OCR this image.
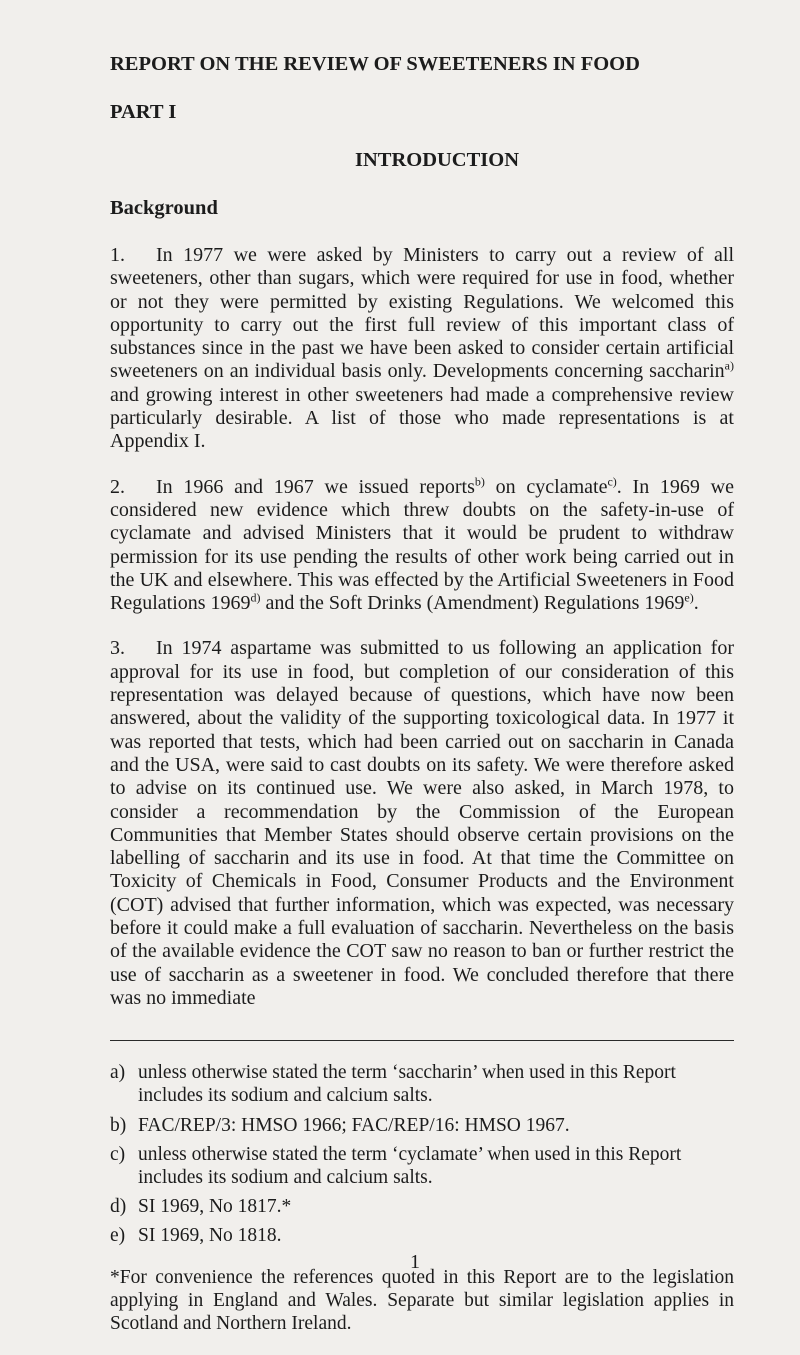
REPORT ON THE REVIEW OF SWEETENERS IN FOOD
PART I
INTRODUCTION
Background

1. In 1977 we were asked by Ministers to carry out a review of all sweeteners, other than sugars, which were required for use in food, whether or not they were permitted by existing Regulations. We welcomed this opportunity to carry out the first full review of this important class of substances since in the past we have been asked to consider certain artificial sweeteners on an individual basis only. Developments concerning saccharin$^{a)}$ and growing interest in other sweeteners had made a comprehensive review particularly desirable. A list of those who made representations is at Appendix I.

2. In 1966 and 1967 we issued reports$^{b)}$ on cyclamate$^{c)}$. In 1969 we considered new evidence which threw doubts on the safety-in-use of cyclamate and advised Ministers that it would be prudent to withdraw permission for its use pending the results of other work being carried out in the UK and elsewhere. This was effected by the Artificial Sweeteners in Food Regulations 1969$^{d)}$ and the Soft Drinks (Amendment) Regulations 1969$^{e)}$.

3. In 1974 aspartame was submitted to us following an application for approval for its use in food, but completion of our consideration of this representation was delayed because of questions, which have now been answered, about the validity of the supporting toxicological data. In 1977 it was reported that tests, which had been carried out on saccharin in Canada and the USA, were said to cast doubts on its safety. We were therefore asked to advise on its continued use. We were also asked, in March 1978, to consider a recommendation by the Commission of the European Communities that Member States should observe certain provisions on the labelling of saccharin and its use in food. At that time the Committee on Toxicity of Chemicals in Food, Consumer Products and the Environment (COT) advised that further information, which was expected, was necessary before it could make a full evaluation of saccharin. Nevertheless on the basis of the available evidence the COT saw no reason to ban or further restrict the use of saccharin as a sweetener in food. We concluded therefore that there was no immediate

a) unless otherwise stated the term ‘saccharin’ when used in this Report includes its sodium and calcium salts.
b) FAC/REP/3: HMSO 1966; FAC/REP/16: HMSO 1967.
c) unless otherwise stated the term ‘cyclamate’ when used in this Report includes its sodium and calcium salts.
d) SI 1969, No 1817.*
e) SI 1969, No 1818.

*For convenience the references quoted in this Report are to the legislation applying in England and Wales. Separate but similar legislation applies in Scotland and Northern Ireland.

1
